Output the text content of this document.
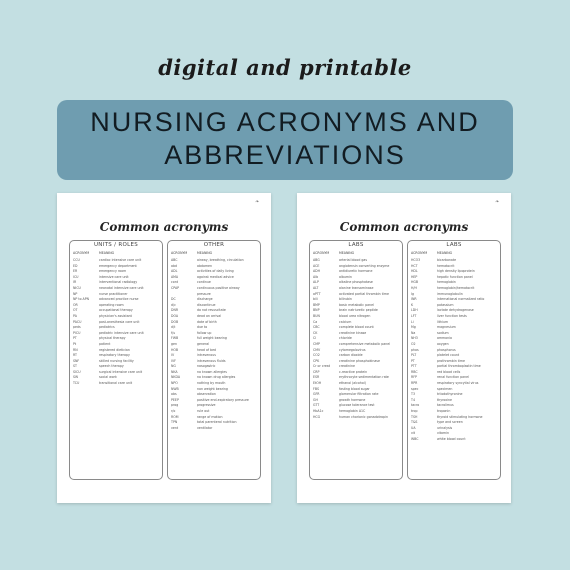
digital and printable
NURSING ACRONYMS AND
ABBREVIATIONS
❧
Common acronyms
UNITS / ROLES
ACRONYM	MEANING
CCU	cardiac intensive care unit
ED	emergency department
ER	emergency room
ICU	intensive care unit
IR	interventional radiology
NICU	neonatal intensive care unit
NP	nurse practitioner
NP to APN	advanced practice nurse
OR	operating room
OT	occupational therapy
PA	physician's assistant
PACU	post-anesthesia care unit
peds	pediatrics
PICU	pediatric intensive care unit
PT	physical therapy
Pt	patient
RN	registered dietician
RT	respiratory therapy
SNF	skilled nursing facility
ST	speech therapy
SICU	surgical intensive care unit
SW	social work
TCU	transitional care unit
OTHER
ACRONYM	MEANING
ABC	airway, breathing, circulation
abd	abdomen
ADL	activities of daily living
AMA	against medical advice
cont	continue
CPAP	continuous positive airway
pressure
DC	discharge
d/c	discontinue
DNR	do not resuscitate
DOA	dead on arrival
DOB	date of birth
d/t	due to
f/u	follow up
FWB	full weight bearing
gen	general
HOB	head of bed
IV	intravenous
IVF	intravenous fluids
NG	nasogastric
NKA	no known allergies
NKDA	no known drug allergies
NPO	nothing by mouth
NWB	non weight bearing
obs	observation
PEEP	positive end-expiratory pressure
prog	progressive
r/o	rule out
ROM	range of motion
TPN	total parenteral nutrition
vent	ventilator
❧
Common acronyms
LABS
ACRONYM	MEANING
ABG	arterial blood gas
ACE	angiotensin converting enzyme
ADH	antidiuretic hormone
Alb	albumin
ALP	alkaline phosphatase
ALT	alanine transaminase
aPTT	activated partial thrombin time
bili	bilirubin
BMP	basic metabolic panel
BNP	brain natriuretic peptide
BUN	blood urea nitrogen
Ca	calcium
CBC	complete blood count
CK	creatinine kinase
Cl	chloride
CMP	comprehensive metabolic panel
CMV	cytomegalovirus
CO2	carbon dioxide
CPK	creatinine phosphokinase
Cr or creat	creatinine
CRP	c-reactive protein
ESR	erythrocyte sedimentation rate
EtOH	ethanol (alcohol)
FBS	fasting blood sugar
GFR	glomerular filtration rate
GH	growth hormone
GTT	glucose tolerance test
HbA1c	hemoglobin A1C
HCG	human chorionic gonadotropin
LABS
ACRONYM	MEANING
HCO3	bicarbonate
HCT	hematocrit
HDL	high density lipoprotein
HEP	hepatic function panel
HGB	hemoglobin
H/H	hemoglobin/hematocrit
Ig	immunoglobulin
INR	international normalized ratio
K	potassium
LDH	lactate dehydrogenase
LFT	liver function tests
Li	lithium
Mg	magnesium
Na	sodium
NH3	ammonia
O2	oxygen
phos	phosphorus
PLT	platelet count
PT	prothrombin time
PTT	partial thromboplastin time
RBC	red blood cells
RFP	renal function panel
RPR	respiratory syncytial virus
spec	specimen
T3	triiodothyronine
T4	thyroxine
tacro	tacrolimus
trop	troponin
TSH	thyroid stimulating hormone
T&S	type and screen
UA	urinalysis
vit	vitamin
WBC	white blood count
